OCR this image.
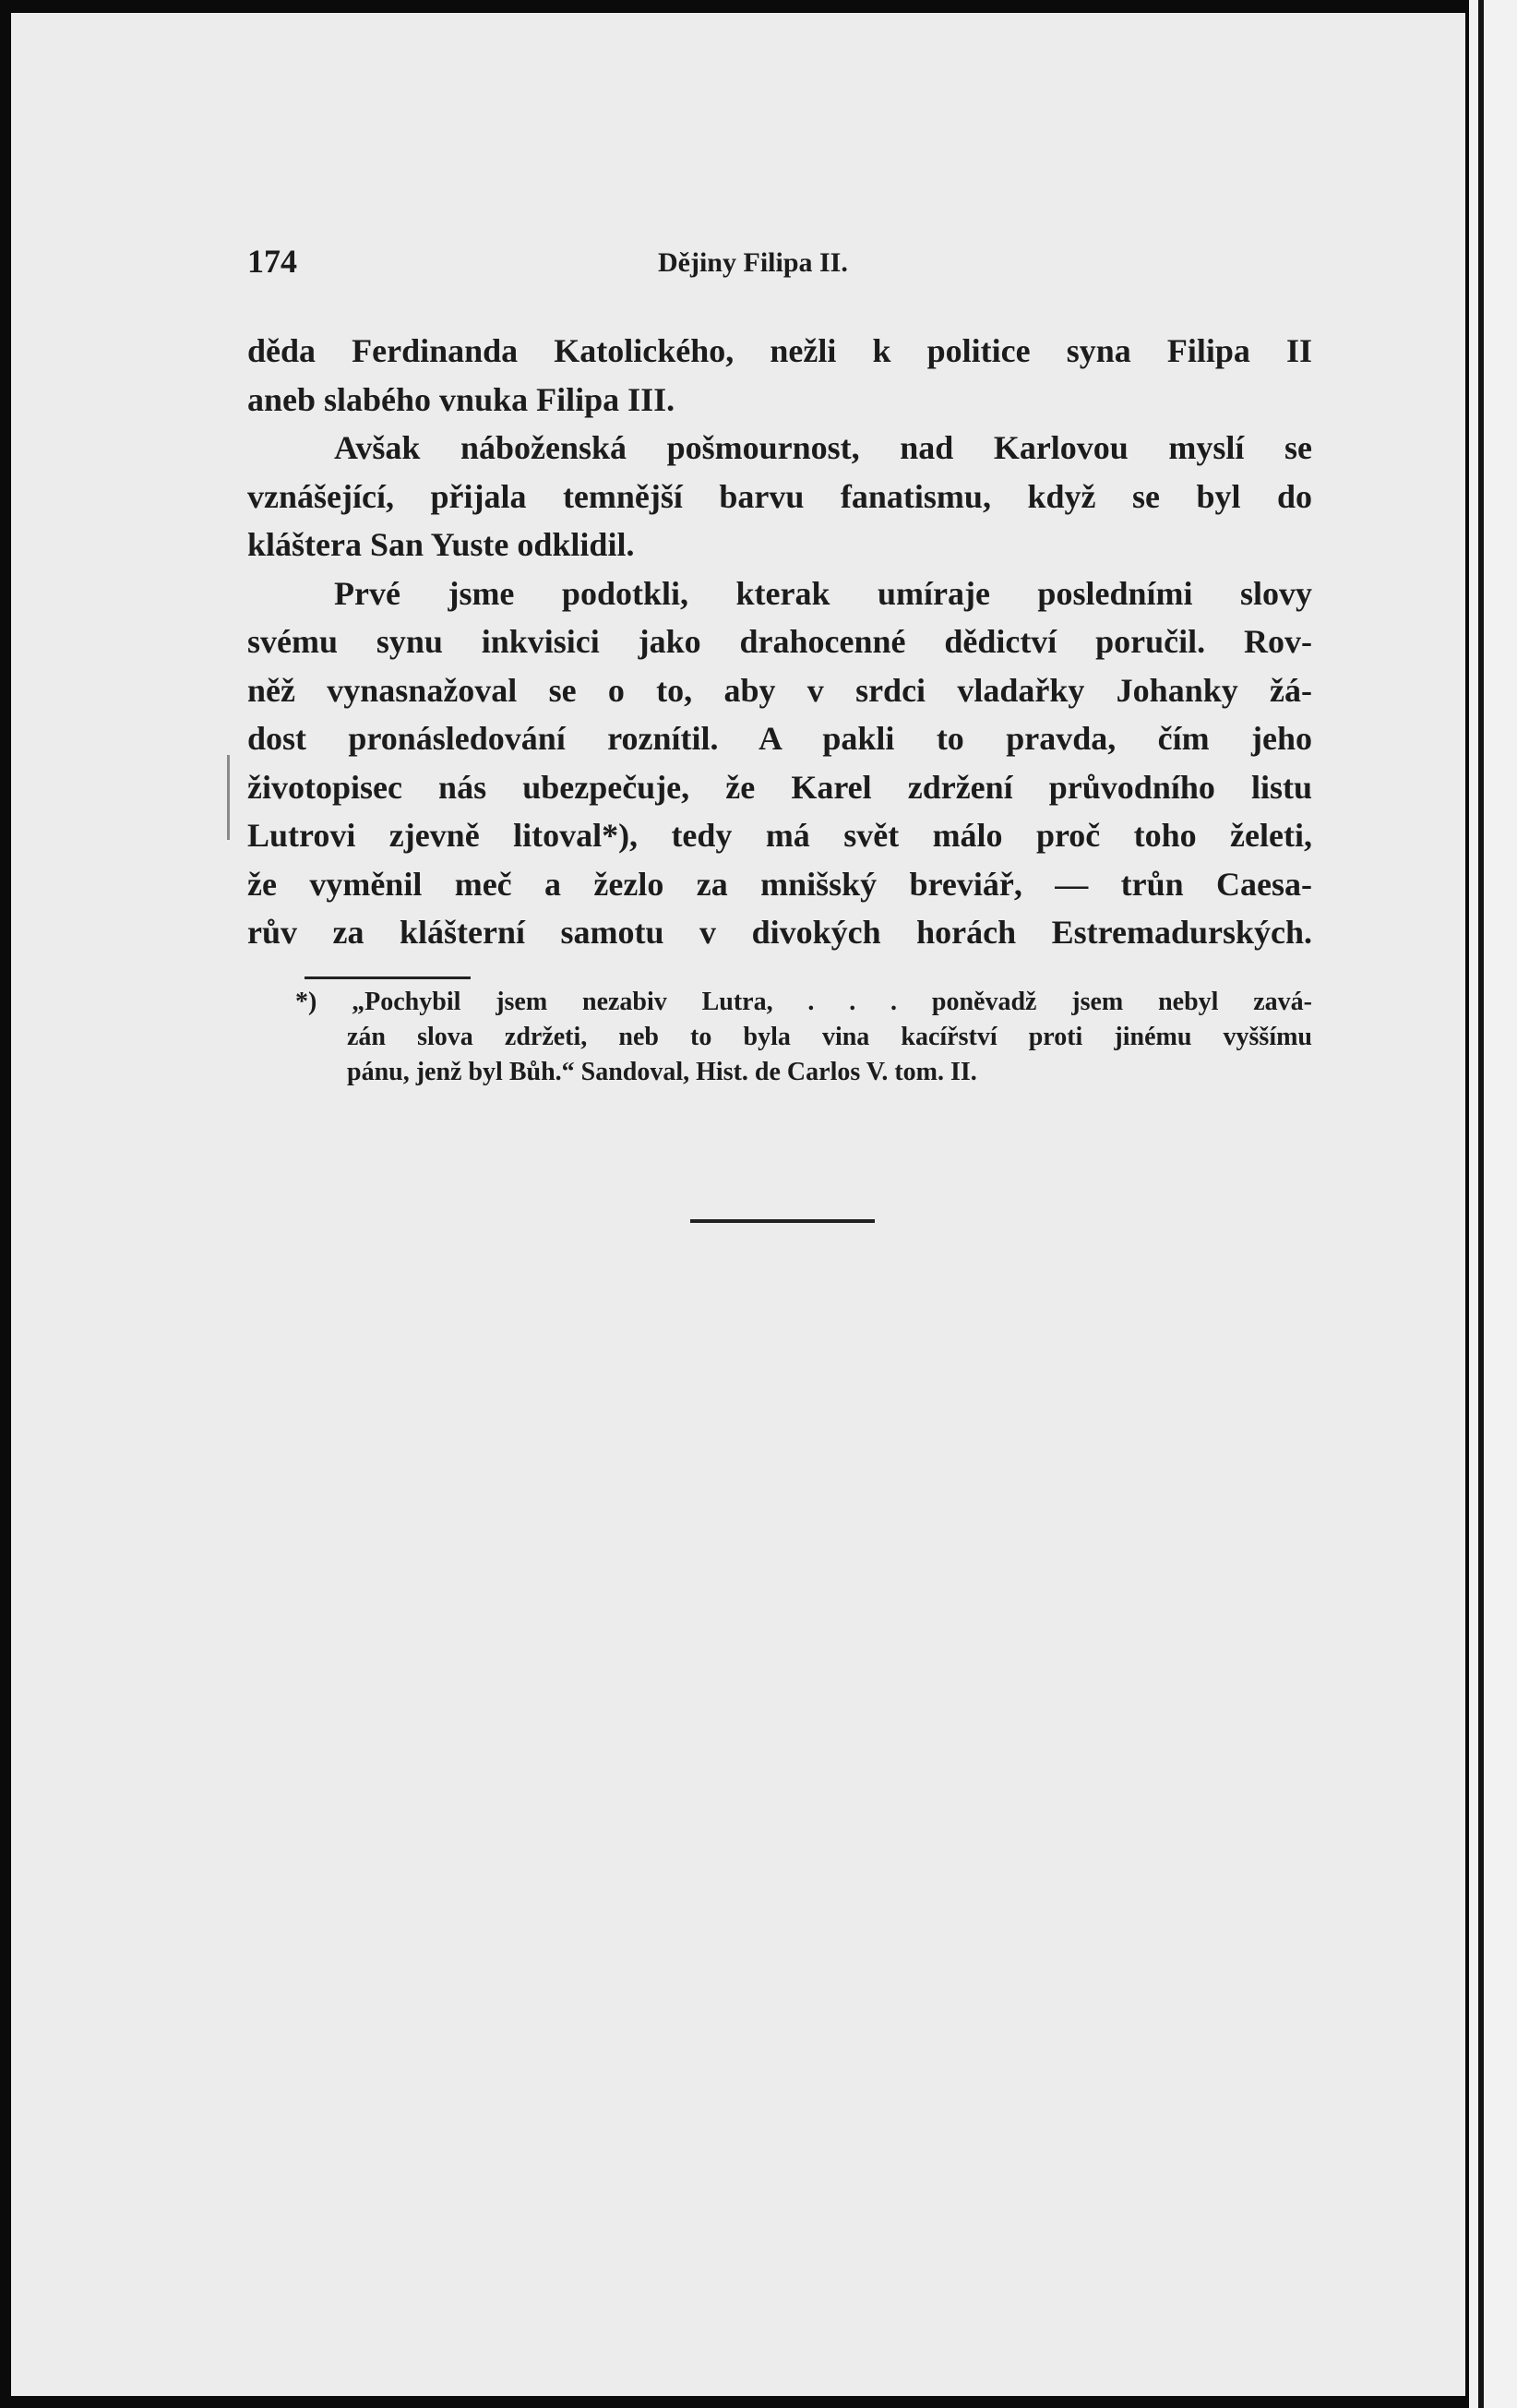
174	Dějiny Filipa II.
děda Ferdinanda Katolického, nežli k politice syna Filipa II
aneb slabého vnuka Filipa III.
Avšak náboženská pošmournost, nad Karlovou myslí se
vznášející, přijala temnější barvu fanatismu, když se byl do
kláštera San Yuste odklidil.
Prvé jsme podotkli, kterak umíraje posledními slovy
svému synu inkvisici jako drahocenné dědictví poručil. Rov-
něž vynasnažoval se o to, aby v srdci vladařky Johanky žá-
dost pronásledování roznítil. A pakli to pravda, čím jeho
životopisec nás ubezpečuje, že Karel zdržení průvodního listu
Lutrovi zjevně litoval*), tedy má svět málo proč toho želeti,
že vyměnil meč a žezlo za mnišský breviář, — trůn Caesa-
rův za klášterní samotu v divokých horách Estremadurských.
*) „Pochybil jsem nezabiv Lutra, . . . poněvadž jsem nebyl zavá-
zán slova zdržeti, neb to byla vina kacířství proti jinému vyššímu
pánu, jenž byl Bůh.“ Sandoval, Hist. de Carlos V. tom. II.
